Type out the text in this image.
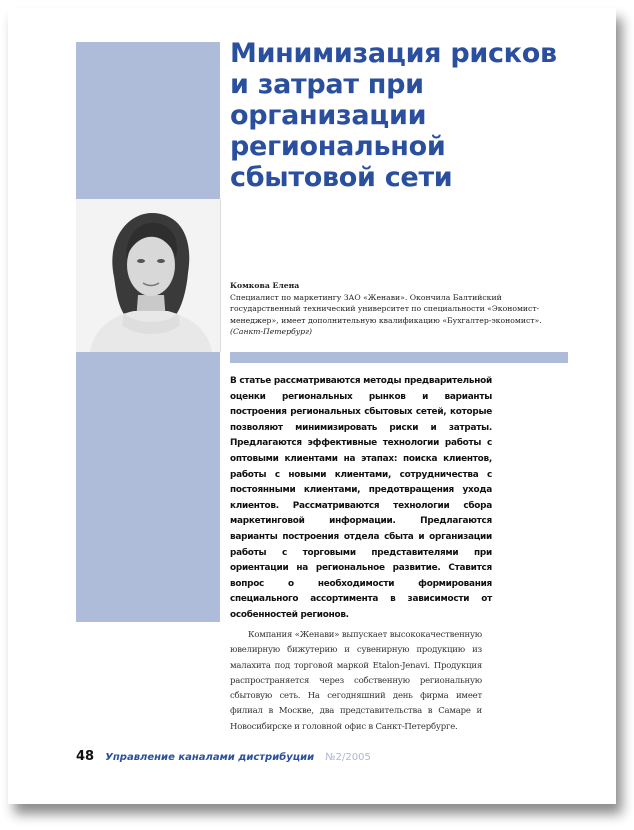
Минимизация рисков и затрат при организации региональной сбытовой сети
Комкова Елена
Специалист по маркетингу ЗАО «Женави». Окончила Балтийский государственный технический университет по специальности «Экономист-менеджер», имеет дополнительную квалификацию «Бухгалтер-экономист».
(Санкт-Петербург)
В статье рассматриваются методы предварительной оценки региональных рынков и варианты построения региональных сбытовых сетей, которые позволяют минимизировать риски и затраты. Предлагаются эффективные технологии работы с оптовыми клиентами на этапах: поиска клиентов, работы с новыми клиентами, сотрудничества с постоянными клиентами, предотвращения ухода клиентов. Рассматриваются технологии сбора маркетинговой информации. Предлагаются варианты построения отдела сбыта и организации работы с торговыми представителями при ориентации на региональное развитие. Ставится вопрос о необходимости формирования специального ассортимента в зависимости от особенностей регионов.
Компания «Женави» выпускает высококачественную ювелирную бижутерию и сувенирную продукцию из малахита под торговой маркой Etalon-Jenavi. Продукция распространяется через собственную региональную сбытовую сеть. На сегодняшний день фирма имеет филиал в Москве, два представительства в Самаре и Новосибирске и головной офис в Санкт-Петербурге.
48 Управление каналами дистрибуции №2/2005
